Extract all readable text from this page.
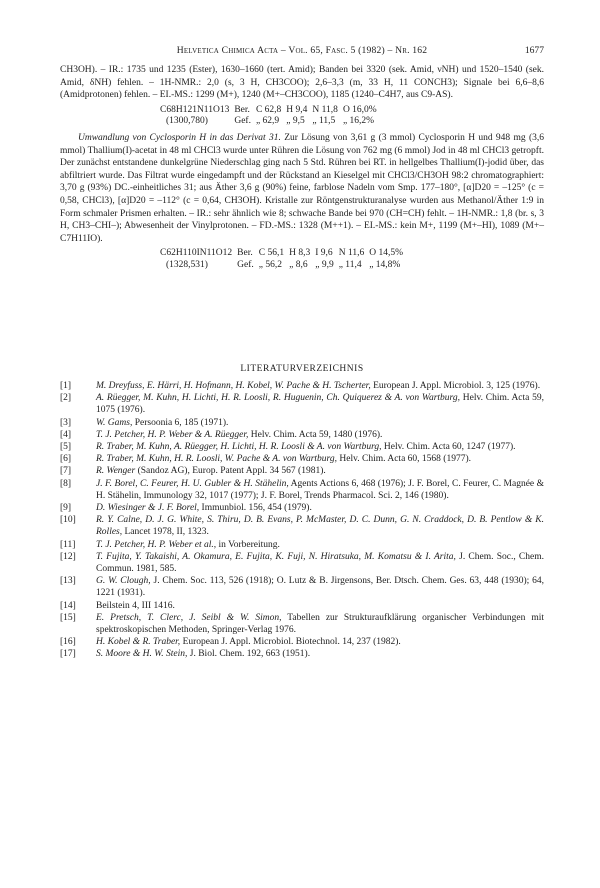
Helvetica Chimica Acta – Vol. 65, Fasc. 5 (1982) – Nr. 162	1677

CH3OH). – IR.: 1735 und 1235 (Ester), 1630–1660 (tert. Amid); Banden bei 3320 (sek. Amid, νNH) und 1520–1540 (sek. Amid, δNH) fehlen. – 1H-NMR.: 2,0 (s, 3 H, CH3COO); 2,6–3,3 (m, 33 H, 11 CONCH3); Signale bei 6,6–8,6 (Amidprotonen) fehlen. – EI.-MS.: 1299 (M+), 1240 (M+–CH3COO), 1185 (1240–C4H7, aus C9-AS).

C68H121N11O13	Ber.	C 62,8	H 9,4	N 11,8	O 16,0%
(1300,780)	Gef.	„ 62,9	„ 9,5	„ 11,5	„ 16,2%

Umwandlung von Cyclosporin H in das Derivat 31. Zur Lösung von 3,61 g (3 mmol) Cyclosporin H und 948 mg (3,6 mmol) Thallium(I)-acetat in 48 ml CHCl3 wurde unter Rühren die Lösung von 762 mg (6 mmol) Jod in 48 ml CHCl3 getropft. Der zunächst entstandene dunkelgrüne Niederschlag ging nach 5 Std. Rühren bei RT. in hellgelbes Thallium(I)-jodid über, das abfiltriert wurde. Das Filtrat wurde eingedampft und der Rückstand an Kieselgel mit CHCl3/CH3OH 98:2 chromatographiert: 3,70 g (93%) DC.-einheitliches 31; aus Äther 3,6 g (90%) feine, farblose Nadeln vom Smp. 177–180°, [α]D20 = –125° (c = 0,58, CHCl3), [α]D20 = –112° (c = 0,64, CH3OH). Kristalle zur Röntgenstrukturanalyse wurden aus Methanol/Äther 1:9 in Form schmaler Prismen erhalten. – IR.: sehr ähnlich wie 8; schwache Bande bei 970 (CH=CH) fehlt. – 1H-NMR.: 1,8 (br. s, 3 H, CH3–CHI–); Abwesenheit der Vinylprotonen. – FD.-MS.: 1328 (M++1). – EI.-MS.: kein M+, 1199 (M+–HI), 1089 (M+–C7H11IO).

C62H110IN11O12	Ber.	C 56,1	H 8,3	I 9,6	N 11,6	O 14,5%
(1328,531)	Gef.	„ 56,2	„ 8,6	„ 9,9	„ 11,4	„ 14,8%
LITERATURVERZEICHNIS
[1]	M. Dreyfuss, E. Härri, H. Hofmann, H. Kobel, W. Pache & H. Tscherter, European J. Appl. Microbiol. 3, 125 (1976).
[2]	A. Rüegger, M. Kuhn, H. Lichti, H. R. Loosli, R. Huguenin, Ch. Quiquerez & A. von Wartburg, Helv. Chim. Acta 59, 1075 (1976).
[3]	W. Gams, Persoonia 6, 185 (1971).
[4]	T. J. Petcher, H. P. Weber & A. Rüegger, Helv. Chim. Acta 59, 1480 (1976).
[5]	R. Traber, M. Kuhn, A. Rüegger, H. Lichti, H. R. Loosli & A. von Wartburg, Helv. Chim. Acta 60, 1247 (1977).
[6]	R. Traber, M. Kuhn, H. R. Loosli, W. Pache & A. von Wartburg, Helv. Chim. Acta 60, 1568 (1977).
[7]	R. Wenger (Sandoz AG), Europ. Patent Appl. 34 567 (1981).
[8]	J. F. Borel, C. Feurer, H. U. Gubler & H. Stähelin, Agents Actions 6, 468 (1976); J. F. Borel, C. Feurer, C. Magnée & H. Stähelin, Immunology 32, 1017 (1977); J. F. Borel, Trends Pharmacol. Sci. 2, 146 (1980).
[9]	D. Wiesinger & J. F. Borel, Immunbiol. 156, 454 (1979).
[10]	R. Y. Calne, D. J. G. White, S. Thiru, D. B. Evans, P. McMaster, D. C. Dunn, G. N. Craddock, D. B. Pentlow & K. Rolles, Lancet 1978, II, 1323.
[11]	T. J. Petcher, H. P. Weber et al., in Vorbereitung.
[12]	T. Fujita, Y. Takaishi, A. Okamura, E. Fujita, K. Fuji, N. Hiratsuka, M. Komatsu & I. Arita, J. Chem. Soc., Chem. Commun. 1981, 585.
[13]	G. W. Clough, J. Chem. Soc. 113, 526 (1918); O. Lutz & B. Jirgensons, Ber. Dtsch. Chem. Ges. 63, 448 (1930); 64, 1221 (1931).
[14]	Beilstein 4, III 1416.
[15]	E. Pretsch, T. Clerc, J. Seibl & W. Simon, Tabellen zur Strukturaufklärung organischer Verbindungen mit spektroskopischen Methoden, Springer-Verlag 1976.
[16]	H. Kobel & R. Traber, European J. Appl. Microbiol. Biotechnol. 14, 237 (1982).
[17]	S. Moore & H. W. Stein, J. Biol. Chem. 192, 663 (1951).
